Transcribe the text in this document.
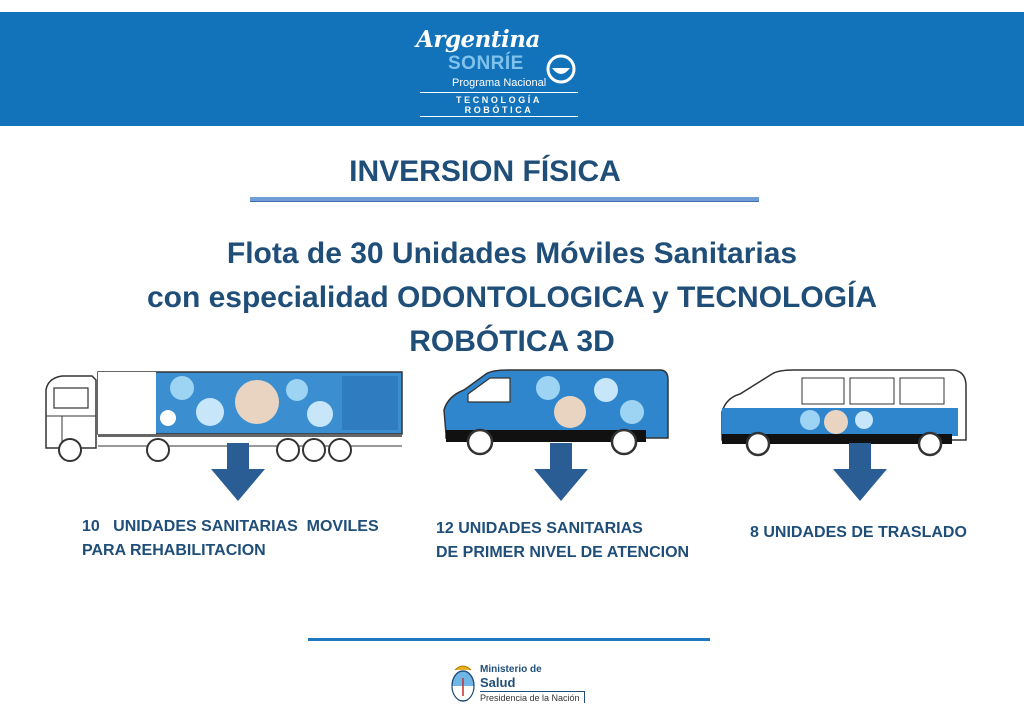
Argentina
SONRÍE
Programa Nacional
TECNOLOGÍA ROBÓTICA
INVERSION FÍSICA
Flota de 30 Unidades Móviles Sanitarias
con especialidad ODONTOLOGICA y TECNOLOGÍA
ROBÓTICA 3D
10   UNIDADES SANITARIAS  MOVILES
PARA REHABILITACION
12 UNIDADES SANITARIAS
DE PRIMER NIVEL DE ATENCION
8 UNIDADES DE TRASLADO
Ministerio de
Salud
Presidencia de la Nación
